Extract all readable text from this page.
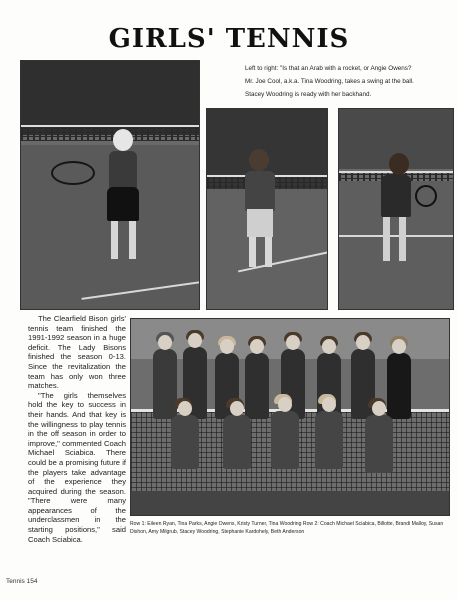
GIRLS' TENNIS
Left to right: "Is that an Arab with a rocket, or Angie Owens?
Mr. Joe Cool, a.k.a. Tina Woodring, takes a swing at the ball.
Stacey Woodring is ready with her backhand.

The Clearfield Bison girls' tennis team finished the 1991-1992 season in a huge deficit. The Lady Bisons finished the season 0-13. Since the revitalization the team has only won three matches.

"The girls themselves hold the key to success in their hands. And that key is the willingness to play tennis in the off season in order to improve," commented Coach Michael Sciabica. There could be a promising future if the players take advantage of the experience they acquired during the season. "There were many appearances of the underclassmen in the starting positions," said Coach Sciabica.

Row 1: Eileen Ryan, Tina Parks, Angie Owens, Kristy Turner, Tina Woodring Row 2: Coach Michael Sciabica, Billotte, Brandi Malloy, Susan Dishon, Amy Milgrub, Stacey Woodring, Stephanie Kardohely, Beth Anderson
Tennis 154
